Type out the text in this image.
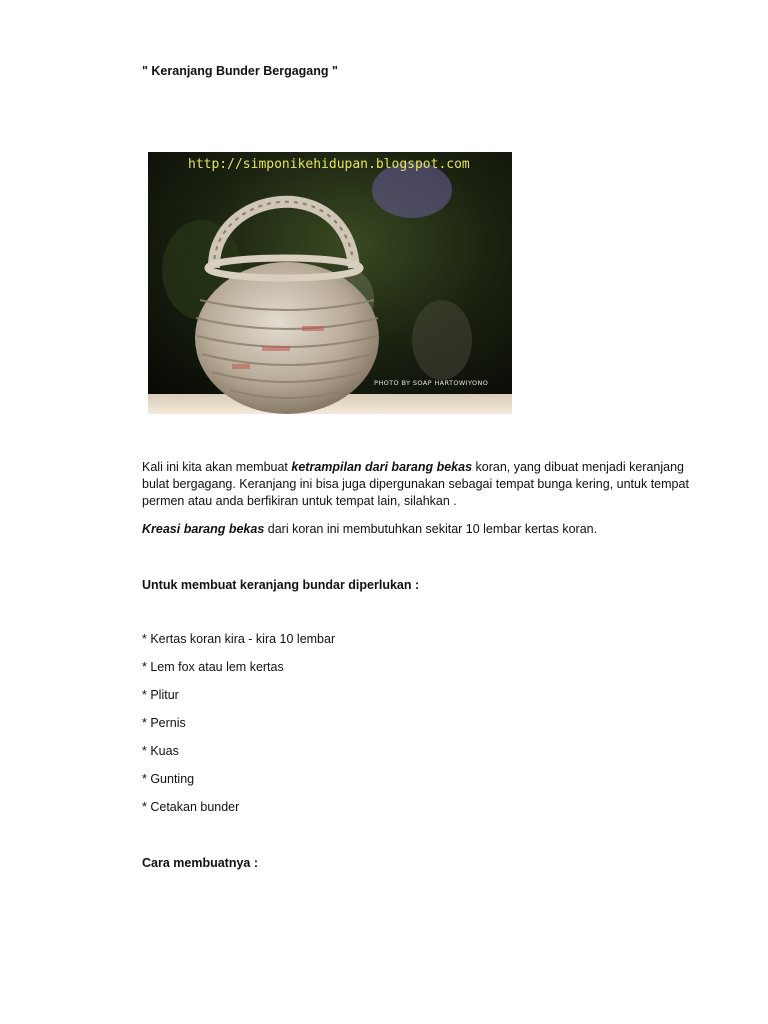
" Keranjang Bunder Bergagang "
http://simponikehidupan.blogspot.com
PHOTO BY SOAP HARTOWIYONO

Kali ini kita akan membuat ketrampilan dari barang bekas koran, yang dibuat menjadi keranjang bulat bergagang. Keranjang ini bisa juga dipergunakan sebagai tempat bunga kering, untuk tempat permen atau anda berfikiran untuk tempat lain, silahkan .

Kreasi barang bekas dari koran ini membutuhkan sekitar 10 lembar kertas koran.

Untuk membuat keranjang bundar diperlukan :
* Kertas koran kira - kira 10 lembar
* Lem fox atau lem kertas
* Plitur
* Pernis
* Kuas
* Gunting
* Cetakan bunder
Cara membuatnya :
